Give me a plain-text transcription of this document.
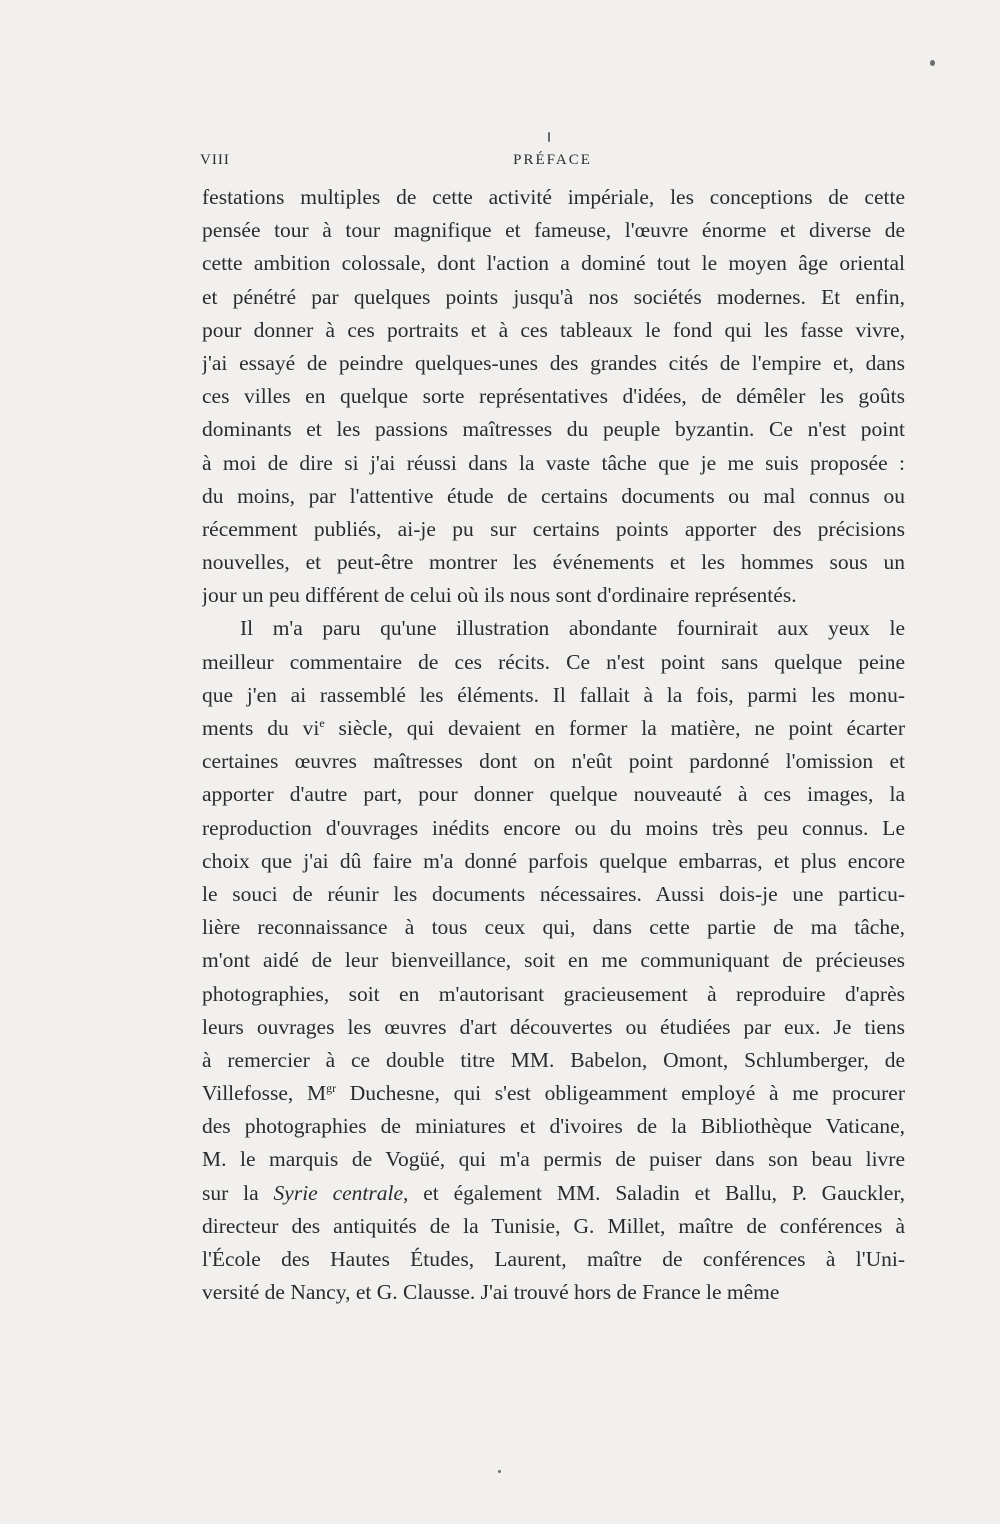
VIII	PRÉFACE
festations multiples de cette activité impériale, les conceptions de cette
pensée tour à tour magnifique et fameuse, l'œuvre énorme et diverse de
cette ambition colossale, dont l'action a dominé tout le moyen âge oriental
et pénétré par quelques points jusqu'à nos sociétés modernes. Et enfin,
pour donner à ces portraits et à ces tableaux le fond qui les fasse vivre,
j'ai essayé de peindre quelques-unes des grandes cités de l'empire et, dans
ces villes en quelque sorte représentatives d'idées, de démêler les goûts
dominants et les passions maîtresses du peuple byzantin. Ce n'est point
à moi de dire si j'ai réussi dans la vaste tâche que je me suis proposée :
du moins, par l'attentive étude de certains documents ou mal connus ou
récemment publiés, ai-je pu sur certains points apporter des précisions
nouvelles, et peut-être montrer les événements et les hommes sous un
jour un peu différent de celui où ils nous sont d'ordinaire représentés.
Il m'a paru qu'une illustration abondante fournirait aux yeux le
meilleur commentaire de ces récits. Ce n'est point sans quelque peine
que j'en ai rassemblé les éléments. Il fallait à la fois, parmi les monu-
ments du $vi^e$ siècle, qui devaient en former la matière, ne point écarter
certaines œuvres maîtresses dont on n'eût point pardonné l'omission et
apporter d'autre part, pour donner quelque nouveauté à ces images, la
reproduction d'ouvrages inédits encore ou du moins très peu connus. Le
choix que j'ai dû faire m'a donné parfois quelque embarras, et plus encore
le souci de réunir les documents nécessaires. Aussi dois-je une particu-
lière reconnaissance à tous ceux qui, dans cette partie de ma tâche,
m'ont aidé de leur bienveillance, soit en me communiquant de précieuses
photographies, soit en m'autorisant gracieusement à reproduire d'après
leurs ouvrages les œuvres d'art découvertes ou étudiées par eux. Je tiens
à remercier à ce double titre MM. Babelon, Omont, Schlumberger, de
Villefosse, $M^{gr}$ Duchesne, qui s'est obligeamment employé à me procurer
des photographies de miniatures et d'ivoires de la Bibliothèque Vaticane,
M. le marquis de Vogüé, qui m'a permis de puiser dans son beau livre
sur la Syrie centrale, et également MM. Saladin et Ballu, P. Gauckler,
directeur des antiquités de la Tunisie, G. Millet, maître de conférences à
l'École des Hautes Études, Laurent, maître de conférences à l'Uni-
versité de Nancy, et G. Clausse. J'ai trouvé hors de France le même
